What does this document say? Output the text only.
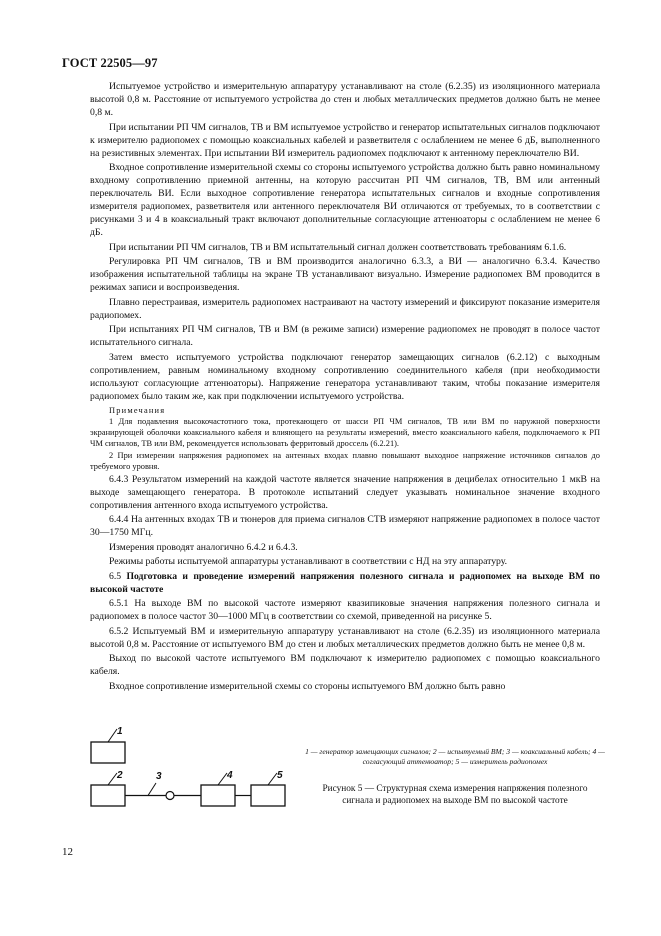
ГОСТ 22505—97

Испытуемое устройство и измерительную аппаратуру устанавливают на столе (6.2.35) из изоляционного материала высотой 0,8 м. Расстояние от испытуемого устройства до стен и любых металлических предметов должно быть не менее 0,8 м.

При испытании РП ЧМ сигналов, ТВ и ВМ испытуемое устройство и генератор испытательных сигналов подключают к измерителю радиопомех с помощью коаксиальных кабелей и разветвителя с ослаблением не менее 6 дБ, выполненного на резистивных элементах. При испытании ВИ измеритель радиопомех подключают к антенному переключателю ВИ.

Входное сопротивление измерительной схемы со стороны испытуемого устройства должно быть равно номинальному входному сопротивлению приемной антенны, на которую рассчитан РП ЧМ сигналов, ТВ, ВМ или антенный переключатель ВИ. Если выходное сопротивление генератора испытательных сигналов и входные сопротивления измерителя радиопомех, разветвителя или антенного переключателя ВИ отличаются от требуемых, то в соответствии с рисунками 3 и 4 в коаксиальный тракт включают дополнительные согласующие аттенюаторы с ослаблением не менее 6 дБ.

При испытании РП ЧМ сигналов, ТВ и ВМ испытательный сигнал должен соответствовать требованиям 6.1.6.

Регулировка РП ЧМ сигналов, ТВ и ВМ производится аналогично 6.3.3, а ВИ — аналогично 6.3.4. Качество изображения испытательной таблицы на экране ТВ устанавливают визуально. Измерение радиопомех ВМ проводится в режимах записи и воспроизведения.

Плавно перестраивая, измеритель радиопомех настраивают на частоту измерений и фиксируют показание измерителя радиопомех.

При испытаниях РП ЧМ сигналов, ТВ и ВМ (в режиме записи) измерение радиопомех не проводят в полосе частот испытательного сигнала.

Затем вместо испытуемого устройства подключают генератор замещающих сигналов (6.2.12) с выходным сопротивлением, равным номинальному входному сопротивлению соединительного кабеля (при необходимости используют согласующие аттенюаторы). Напряжение генератора устанавливают таким, чтобы показание измерителя радиопомех было таким же, как при подключении испытуемого устройства.

Примечания

1 Для подавления высокочастотного тока, протекающего от шасси РП ЧМ сигналов, ТВ или ВМ по наружной поверхности экранирующей оболочки коаксиального кабеля и влияющего на результаты измерений, вместо коаксиального кабеля, подключаемого к РП ЧМ сигналов, ТВ или ВМ, рекомендуется использовать ферритовый дроссель (6.2.21).

2 При измерении напряжения радиопомех на антенных входах плавно повышают выходное напряжение источников сигналов до требуемого уровня.

6.4.3 Результатом измерений на каждой частоте является значение напряжения в децибелах относительно 1 мкВ на выходе замещающего генератора. В протоколе испытаний следует указывать номинальное значение входного сопротивления антенного входа испытуемого устройства.

6.4.4 На антенных входах ТВ и тюнеров для приема сигналов СТВ измеряют напряжение радиопомех в полосе частот 30—1750 МГц.

Измерения проводят аналогично 6.4.2 и 6.4.3.

Режимы работы испытуемой аппаратуры устанавливают в соответствии с НД на эту аппаратуру.

6.5 Подготовка и проведение измерений напряжения полезного сигнала и радиопомех на выходе ВМ по высокой частоте

6.5.1 На выходе ВМ по высокой частоте измеряют квазипиковые значения напряжения полезного сигнала и радиопомех в полосе частот 30—1000 МГц в соответствии со схемой, приведенной на рисунке 5.

6.5.2 Испытуемый ВМ и измерительную аппаратуру устанавливают на столе (6.2.35) из изоляционного материала высотой 0,8 м. Расстояние от испытуемого ВМ до стен и любых металлических предметов должно быть не менее 0,8 м.

Выход по высокой частоте испытуемого ВМ подключают к измерителю радиопомех с помощью коаксиального кабеля.

Входное сопротивление измерительной схемы со стороны испытуемого ВМ должно быть равно

1
2	3	4	5
1 — генератор замещающих сигналов; 2 — испытуемый ВМ; 3 — коаксиальный кабель; 4 — согласующий аттенюатор; 5 — измеритель радиопомех
Рисунок 5 — Структурная схема измерения напряжения полезного сигнала и радиопомех на выходе ВМ по высокой частоте
12
